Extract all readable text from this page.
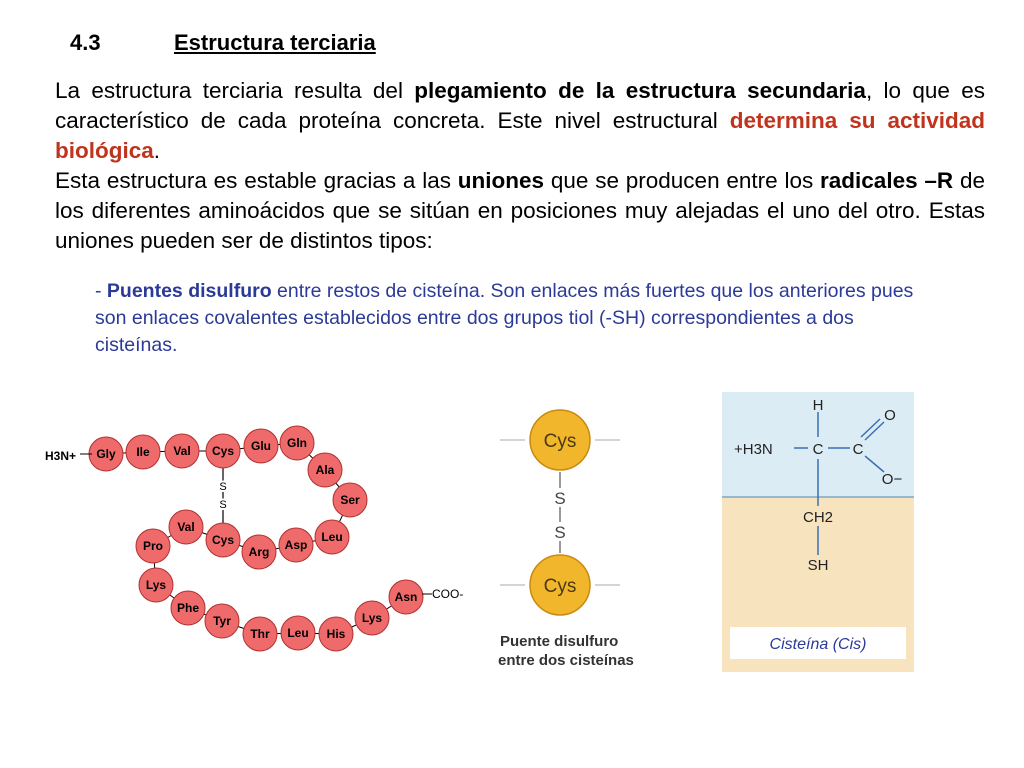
4.3	Estructura terciaria

La estructura terciaria resulta del plegamiento de la estructura secundaria, lo que es característico de cada proteína concreta. Este nivel estructural determina su actividad biológica.

Esta estructura es estable gracias a las uniones que se producen entre los radicales –R de los diferentes aminoácidos que se sitúan en posiciones muy alejadas el uno del otro. Estas uniones pueden ser de distintos tipos:

- Puentes disulfuro entre restos de cisteína. Son enlaces más fuertes que los anteriores pues son enlaces covalentes establecidos entre dos grupos tiol (-SH) correspondientes a dos cisteínas.
S
S
Gly Ile Val Cys Glu Gln
Ala
Ser
Leu
Asp
Arg
Cys
Val
Pro
Lys
Phe
Tyr
Thr Leu His
Lys
Asn
H3N+
COO-
Cys
Cys
S
S
Puente disulfuro
entre dos cisteínas
H
+H3N	C C
O
O−
CH2
SH
Cisteína (Cis)
